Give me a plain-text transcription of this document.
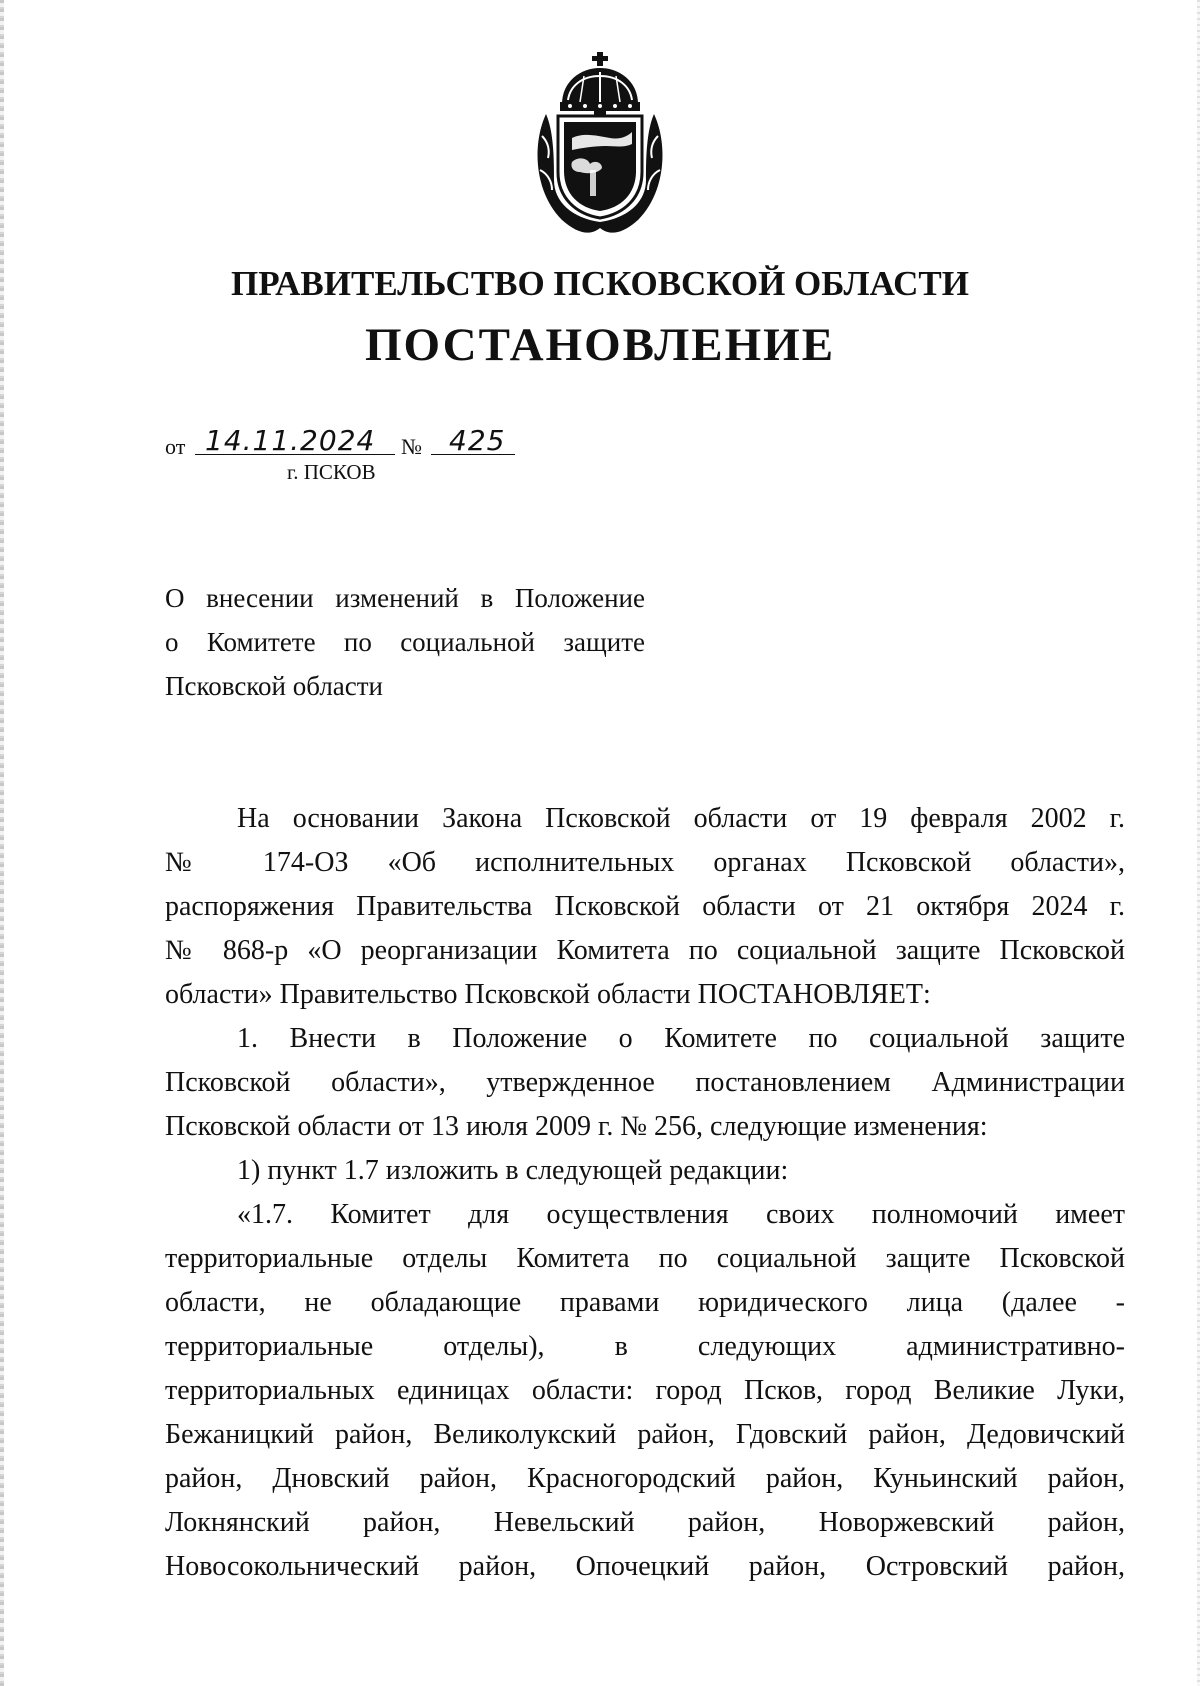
ПРАВИТЕЛЬСТВО ПСКОВСКОЙ ОБЛАСТИ
ПОСТАНОВЛЕНИЕ
от 14.11.2024 № 425
г. ПСКОВ
О внесении изменений в Положение
о Комитете по социальной защите
Псковской области
На основании Закона Псковской области от 19 февраля 2002 г.
№ 174-ОЗ «Об исполнительных органах Псковской области»,
распоряжения Правительства Псковской области от 21 октября 2024 г.
№ 868-р «О реорганизации Комитета по социальной защите Псковской
области» Правительство Псковской области ПОСТАНОВЛЯЕТ:
1. Внести в Положение о Комитете по социальной защите
Псковской области», утвержденное постановлением Администрации
Псковской области от 13 июля 2009 г. № 256, следующие изменения:
1) пункт 1.7 изложить в следующей редакции:
«1.7. Комитет для осуществления своих полномочий имеет
территориальные отделы Комитета по социальной защите Псковской
области, не обладающие правами юридического лица (далее -
территориальные отделы), в следующих административно-
территориальных единицах области: город Псков, город Великие Луки,
Бежаницкий район, Великолукский район, Гдовский район, Дедовичский
район, Дновский район, Красногородский район, Куньинский район,
Локнянский район, Невельский район, Новоржевский район,
Новосокольнический район, Опочецкий район, Островский район,
